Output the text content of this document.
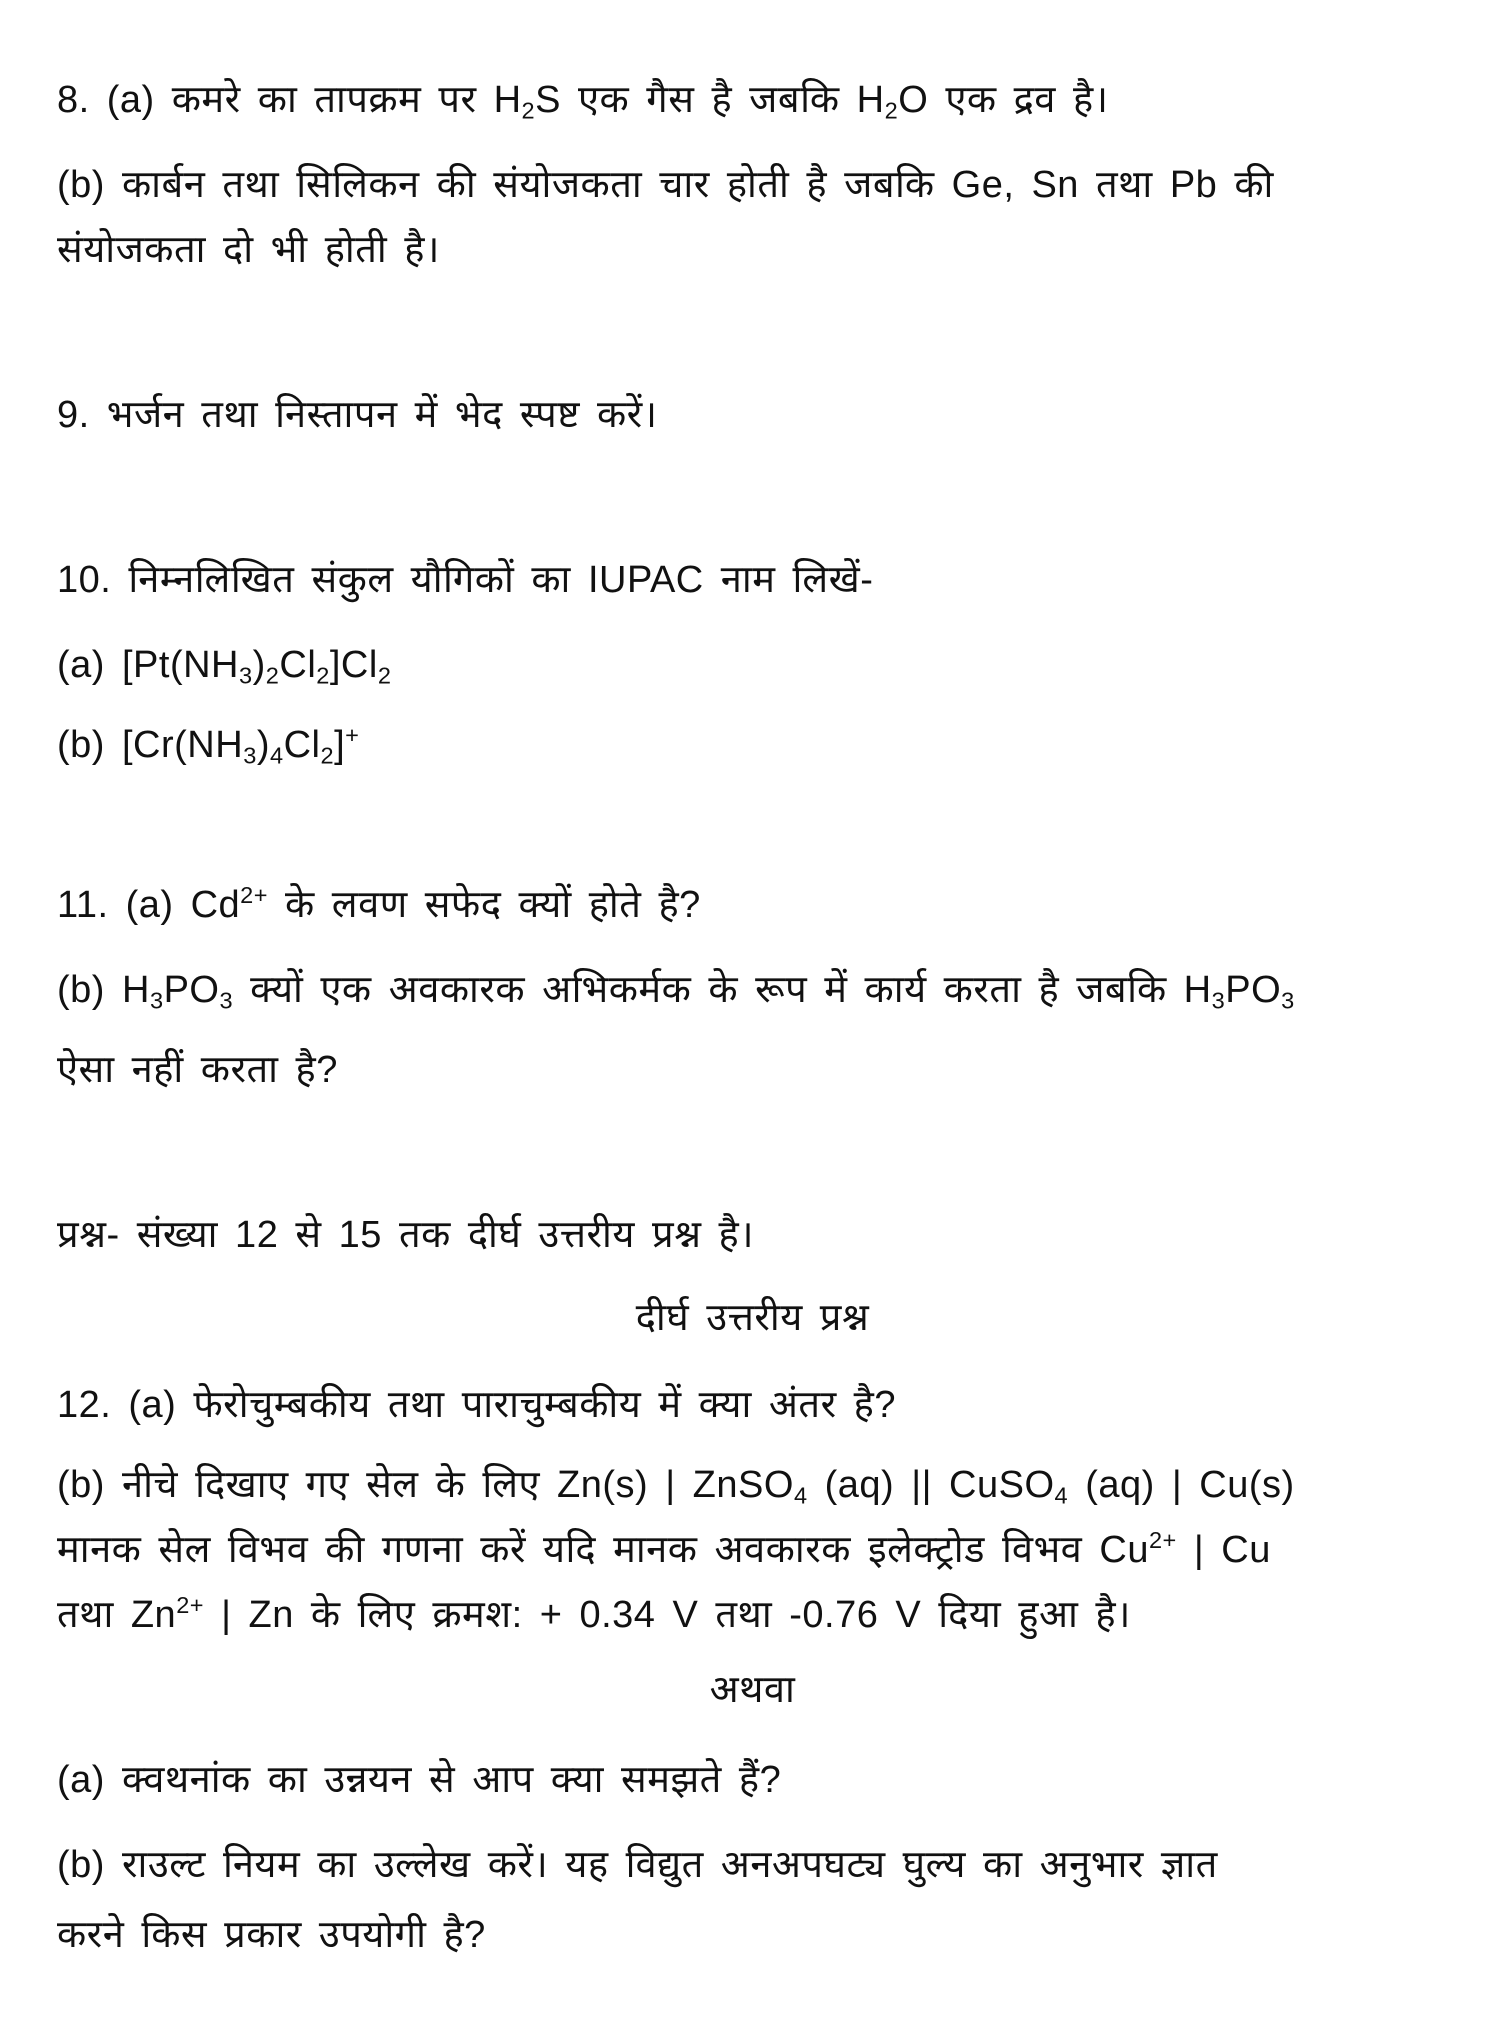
दीर्घ उत्तरीय प्रश्न
अथवा
8. (a) कमरे का तापक्रम पर $H_2S$ एक गैस है जबकि $H_2O$ एक द्रव है।
(b) कार्बन तथा सिलिकन की संयोजकता चार होती है जबकि Ge, Sn तथा Pb की
संयोजकता दो भी होती है।
9. भर्जन तथा निस्तापन में भेद स्पष्ट करें।
10. निम्नलिखित संकुल यौगिकों का IUPAC नाम लिखें-
(a) $[Pt(NH_3)_2Cl_2]Cl_2$
(b) $[Cr(NH_3)_4Cl_2]^+$
11. (a) $Cd^{2+}$ के लवण सफेद क्यों होते है?
(b) $H_3PO_3$ क्यों एक अवकारक अभिकर्मक के रूप में कार्य करता है जबकि $H_3PO_3$
ऐसा नहीं करता है?
प्रश्न- संख्या 12 से 15 तक दीर्घ उत्तरीय प्रश्न है।
12. (a) फेरोचुम्बकीय तथा पाराचुम्बकीय में क्या अंतर है?
(b) नीचे दिखाए गए सेल के लिए Zn(s) | ZnSO$_4$ (aq) || CuSO$_4$ (aq) | Cu(s)
मानक सेल विभव की गणना करें यदि मानक अवकारक इलेक्ट्रोड विभव $Cu^{2+}$ | Cu
तथा $Zn^{2+}$ | Zn के लिए क्रमश: + 0.34 V तथा -0.76 V दिया हुआ है।
(a) क्वथनांक का उन्नयन से आप क्या समझते हैं?
(b) राउल्ट नियम का उल्लेख करें। यह विद्युत अनअपघट्य घुल्य का अनुभार ज्ञात
करने किस प्रकार उपयोगी है?
